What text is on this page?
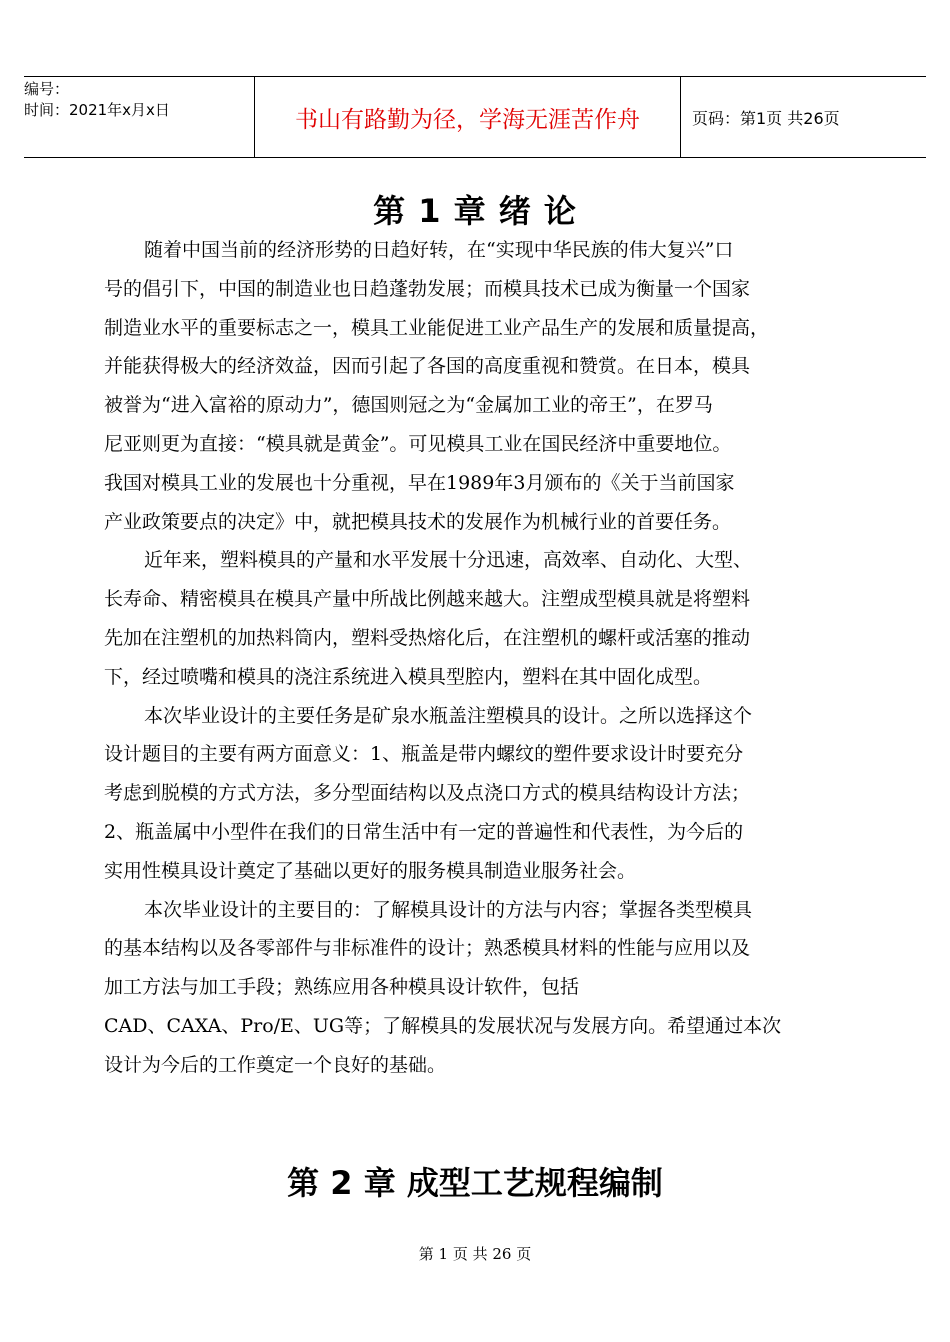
编号：
时间：2021年x月x日	书山有路勤为径，学海无涯苦作舟	页码：第1页 共26页
第 1 章 绪 论

随着中国当前的经济形势的日趋好转，在“实现中华民族的伟大复兴”口

号的倡引下，中国的制造业也日趋蓬勃发展；而模具技术已成为衡量一个国家

制造业水平的重要标志之一，模具工业能促进工业产品生产的发展和质量提高，

并能获得极大的经济效益，因而引起了各国的高度重视和赞赏。在日本，模具

被誉为“进入富裕的原动力”，德国则冠之为“金属加工业的帝王”，在罗马

尼亚则更为直接：“模具就是黄金”。可见模具工业在国民经济中重要地位。

我国对模具工业的发展也十分重视，早在1989年3月颁布的《关于当前国家

产业政策要点的决定》中，就把模具技术的发展作为机械行业的首要任务。

近年来，塑料模具的产量和水平发展十分迅速，高效率、自动化、大型、

长寿命、精密模具在模具产量中所战比例越来越大。注塑成型模具就是将塑料

先加在注塑机的加热料筒内，塑料受热熔化后，在注塑机的螺杆或活塞的推动

下，经过喷嘴和模具的浇注系统进入模具型腔内，塑料在其中固化成型。

本次毕业设计的主要任务是矿泉水瓶盖注塑模具的设计。之所以选择这个

设计题目的主要有两方面意义：1、瓶盖是带内螺纹的塑件要求设计时要充分

考虑到脱模的方式方法，多分型面结构以及点浇口方式的模具结构设计方法；

2、瓶盖属中小型件在我们的日常生活中有一定的普遍性和代表性，为今后的

实用性模具设计奠定了基础以更好的服务模具制造业服务社会。

本次毕业设计的主要目的：了解模具设计的方法与内容；掌握各类型模具

的基本结构以及各零部件与非标准件的设计；熟悉模具材料的性能与应用以及

加工方法与加工手段；熟练应用各种模具设计软件，包括

CAD、CAXA、Pro/E、UG等；了解模具的发展状况与发展方向。希望通过本次

设计为今后的工作奠定一个良好的基础。

第 2 章 成型工艺规程编制
第 1 页 共 26 页
